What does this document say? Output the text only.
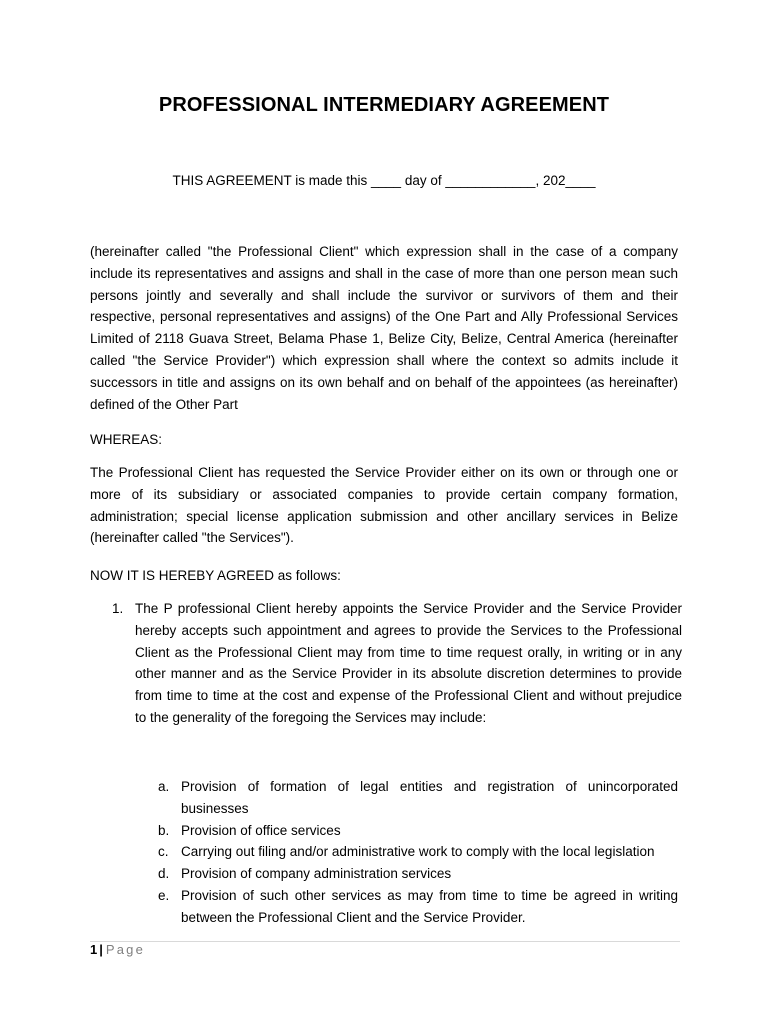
PROFESSIONAL INTERMEDIARY AGREEMENT
THIS AGREEMENT is made this ____ day of ____________, 202____

(hereinafter called "the Professional Client" which expression shall in the case of a company include its representatives and assigns and shall in the case of more than one person mean such persons jointly and severally and shall include the survivor or survivors of them and their respective, personal representatives and assigns) of the One Part and Ally Professional Services Limited of 2118 Guava Street, Belama Phase 1, Belize City, Belize, Central America (hereinafter called "the Service Provider") which expression shall where the context so admits include it successors in title and assigns on its own behalf and on behalf of the appointees (as hereinafter) defined of the Other Part

WHEREAS:

The Professional Client has requested the Service Provider either on its own or through one or more of its subsidiary or associated companies to provide certain company formation, administration; special license application submission and other ancillary services in Belize (hereinafter called "the Services").

NOW IT IS HEREBY AGREED as follows:

1. The P professional Client hereby appoints the Service Provider and the Service Provider hereby accepts such appointment and agrees to provide the Services to the Professional Client as the Professional Client may from time to time request orally, in writing or in any other manner and as the Service Provider in its absolute discretion determines to provide from time to time at the cost and expense of the Professional Client and without prejudice to the generality of the foregoing the Services may include:
a. Provision of formation of legal entities and registration of unincorporated businesses
b. Provision of office services
c. Carrying out filing and/or administrative work to comply with the local legislation
d. Provision of company administration services
e. Provision of such other services as may from time to time be agreed in writing between the Professional Client and the Service Provider.
1 | Page
